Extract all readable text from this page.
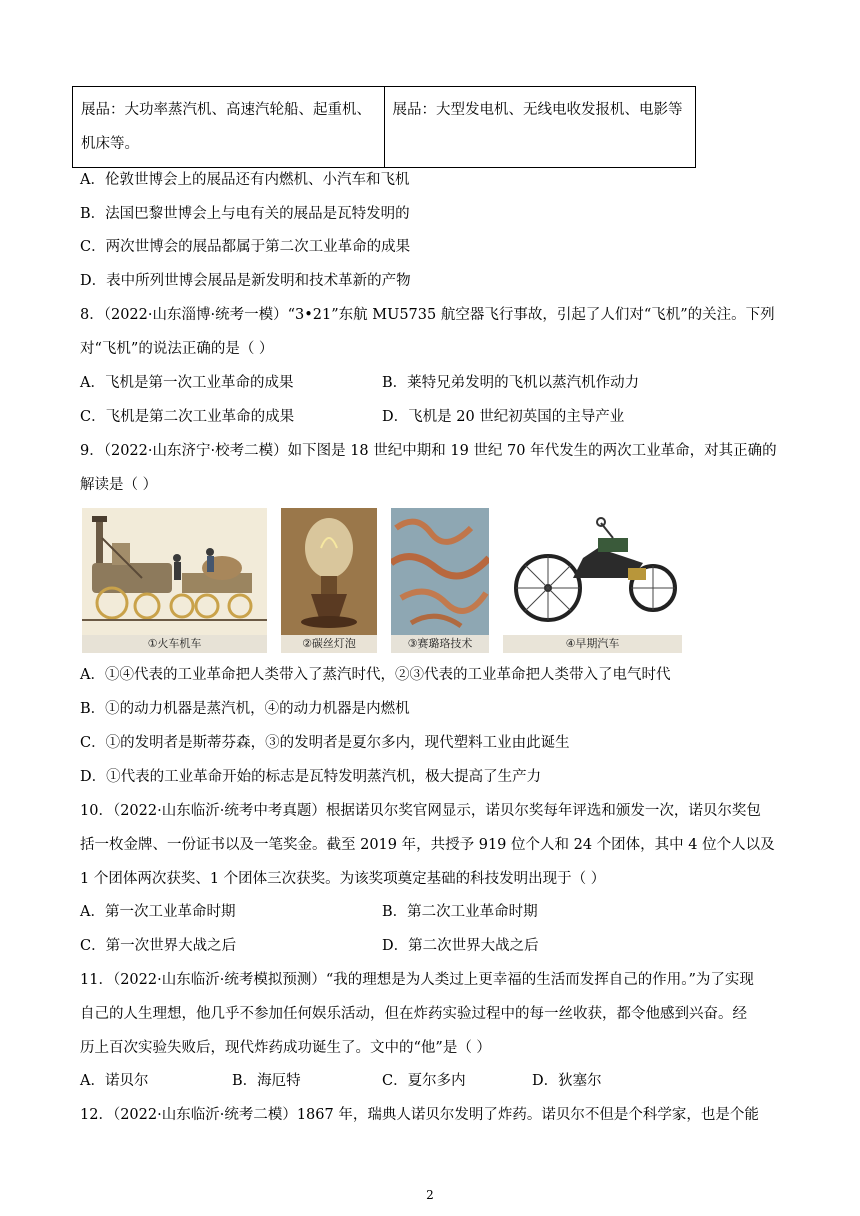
展品：大功率蒸汽机、高速汽轮船、起重机、机床等。	展品：大型发电机、无线电收发报机、电影等
A．伦敦世博会上的展品还有内燃机、小汽车和飞机
B．法国巴黎世博会上与电有关的展品是瓦特发明的
C．两次世博会的展品都属于第二次工业革命的成果
D．表中所列世博会展品是新发明和技术革新的产物
8．（2022·山东淄博·统考一模）“3•21”东航 MU5735 航空器飞行事故，引起了人们对“飞机”的关注。下列
对“飞机”的说法正确的是（ ）
A．飞机是第一次工业革命的成果	B．莱特兄弟发明的飞机以蒸汽机作动力
C．飞机是第二次工业革命的成果	D．飞机是 20 世纪初英国的主导产业
9．（2022·山东济宁·校考二模）如下图是 18 世纪中期和 19 世纪 70 年代发生的两次工业革命，对其正确的
解读是（ ）
①火车机车	②碳丝灯泡	③赛璐珞技术	④早期汽车
A．①④代表的工业革命把人类带入了蒸汽时代，②③代表的工业革命把人类带入了电气时代
B．①的动力机器是蒸汽机，④的动力机器是内燃机
C．①的发明者是斯蒂芬森，③的发明者是夏尔多内，现代塑料工业由此诞生
D．①代表的工业革命开始的标志是瓦特发明蒸汽机，极大提高了生产力
10．（2022·山东临沂·统考中考真题）根据诺贝尔奖官网显示，诺贝尔奖每年评选和颁发一次，诺贝尔奖包
括一枚金牌、一份证书以及一笔奖金。截至 2019 年，共授予 919 位个人和 24 个团体，其中 4 位个人以及
1 个团体两次获奖、1 个团体三次获奖。为该奖项奠定基础的科技发明出现于（ ）
A．第一次工业革命时期	B．第二次工业革命时期
C．第一次世界大战之后	D．第二次世界大战之后
11．（2022·山东临沂·统考模拟预测）“我的理想是为人类过上更幸福的生活而发挥自己的作用。”为了实现
自己的人生理想，他几乎不参加任何娱乐活动，但在炸药实验过程中的每一丝收获，都令他感到兴奋。经
历上百次实验失败后，现代炸药成功诞生了。文中的“他”是（ ）
A．诺贝尔	B．海厄特	C．夏尔多内	D．狄塞尔
12．（2022·山东临沂·统考二模）1867 年，瑞典人诺贝尔发明了炸药。诺贝尔不但是个科学家，也是个能
2
